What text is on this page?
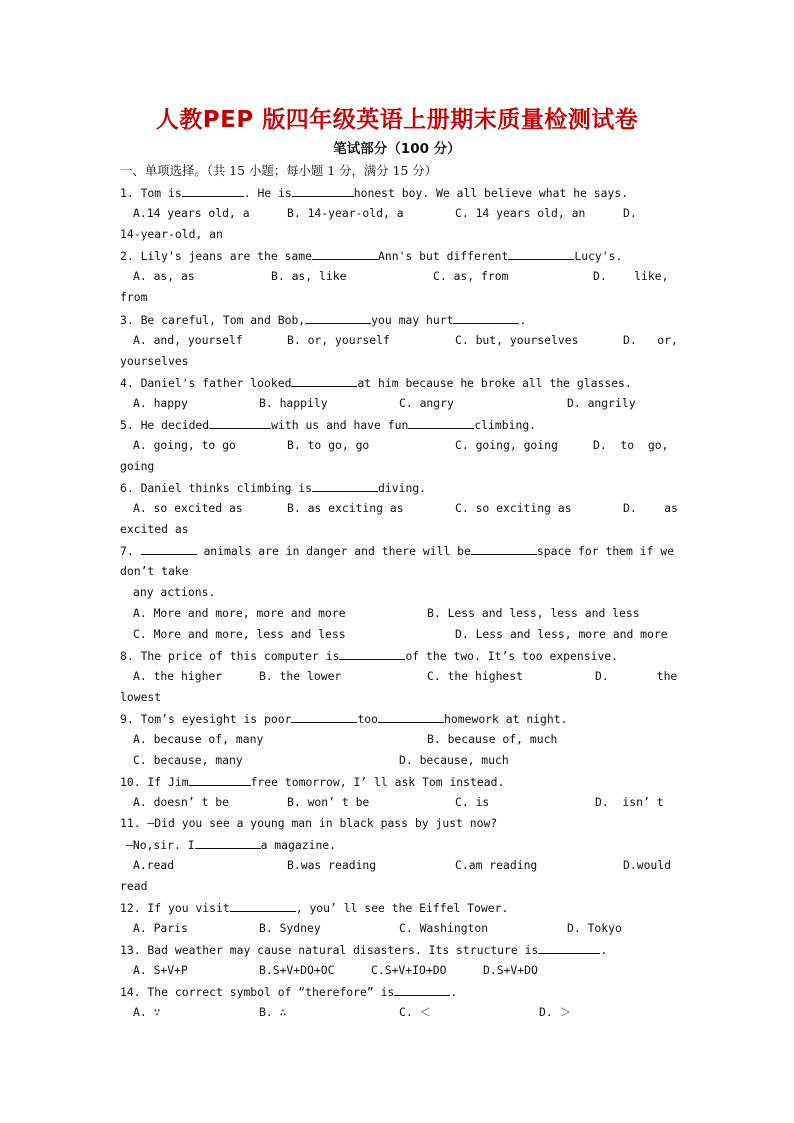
人教PEP 版四年级英语上册期末质量检测试卷
笔试部分（100 分）
一、单项选择。（共 15 小题；每小题 1 分，满分 15 分）
1. Tom is	. He is	honest boy. We all believe what he says.
A.14 years old, a	B. 14-year-old, a	C. 14 years old, an	D.
14-year-old, an
2. Lily's jeans are the same	Ann's but different	Lucy's.
A. as, as	B. as, like	C. as, from	D.    like,
from
3. Be careful, Tom and Bob,	you may hurt	.
A. and, yourself	B. or, yourself	C. but, yourselves	D.   or,
yourselves
4. Daniel's father looked	at him because he broke all the glasses.
A. happy	B. happily	C. angry	D. angrily
5. He decided	with us and have fun	climbing.
A. going, to go	B. to go, go	C. going, going	D.  to  go,
going
6. Daniel thinks climbing is	diving.
A. so excited as	B. as exciting as	C. so exciting as	D.    as
excited as
7.	animals are in danger and there will be	space for them if we
don’t take
any actions.
A. More and more, more and more	B. Less and less, less and less
C. More and more, less and less	D. Less and less, more and more
8. The price of this computer is	of the two. It’s too expensive.
A. the higher	B. the lower	C. the highest	D.       the
lowest
9. Tom’s eyesight is poor	too	homework at night.
A. because of, many	B. because of, much
C. because, many	D. because, much
10. If Jim	free tomorrow, I’ ll ask Tom instead.
A. doesn’ t be	B. won’ t be	C. is	D.  isn’ t
11. —Did you see a young man in black pass by just now?
—No,sir. I	a magazine.
A.read	B.was reading	C.am reading	D.would
read
12. If you visit	, you’ ll see the Eiffel Tower.
A. Paris	B. Sydney	C. Washington	D. Tokyo
13. Bad weather may cause natural disasters. Its structure is	.
A. S+V+P	B.S+V+DO+OC	C.S+V+IO+DO	D.S+V+DO
14. The correct symbol of “therefore” is	.
A. ∵	B. ∴	C. ＜	D. ＞
